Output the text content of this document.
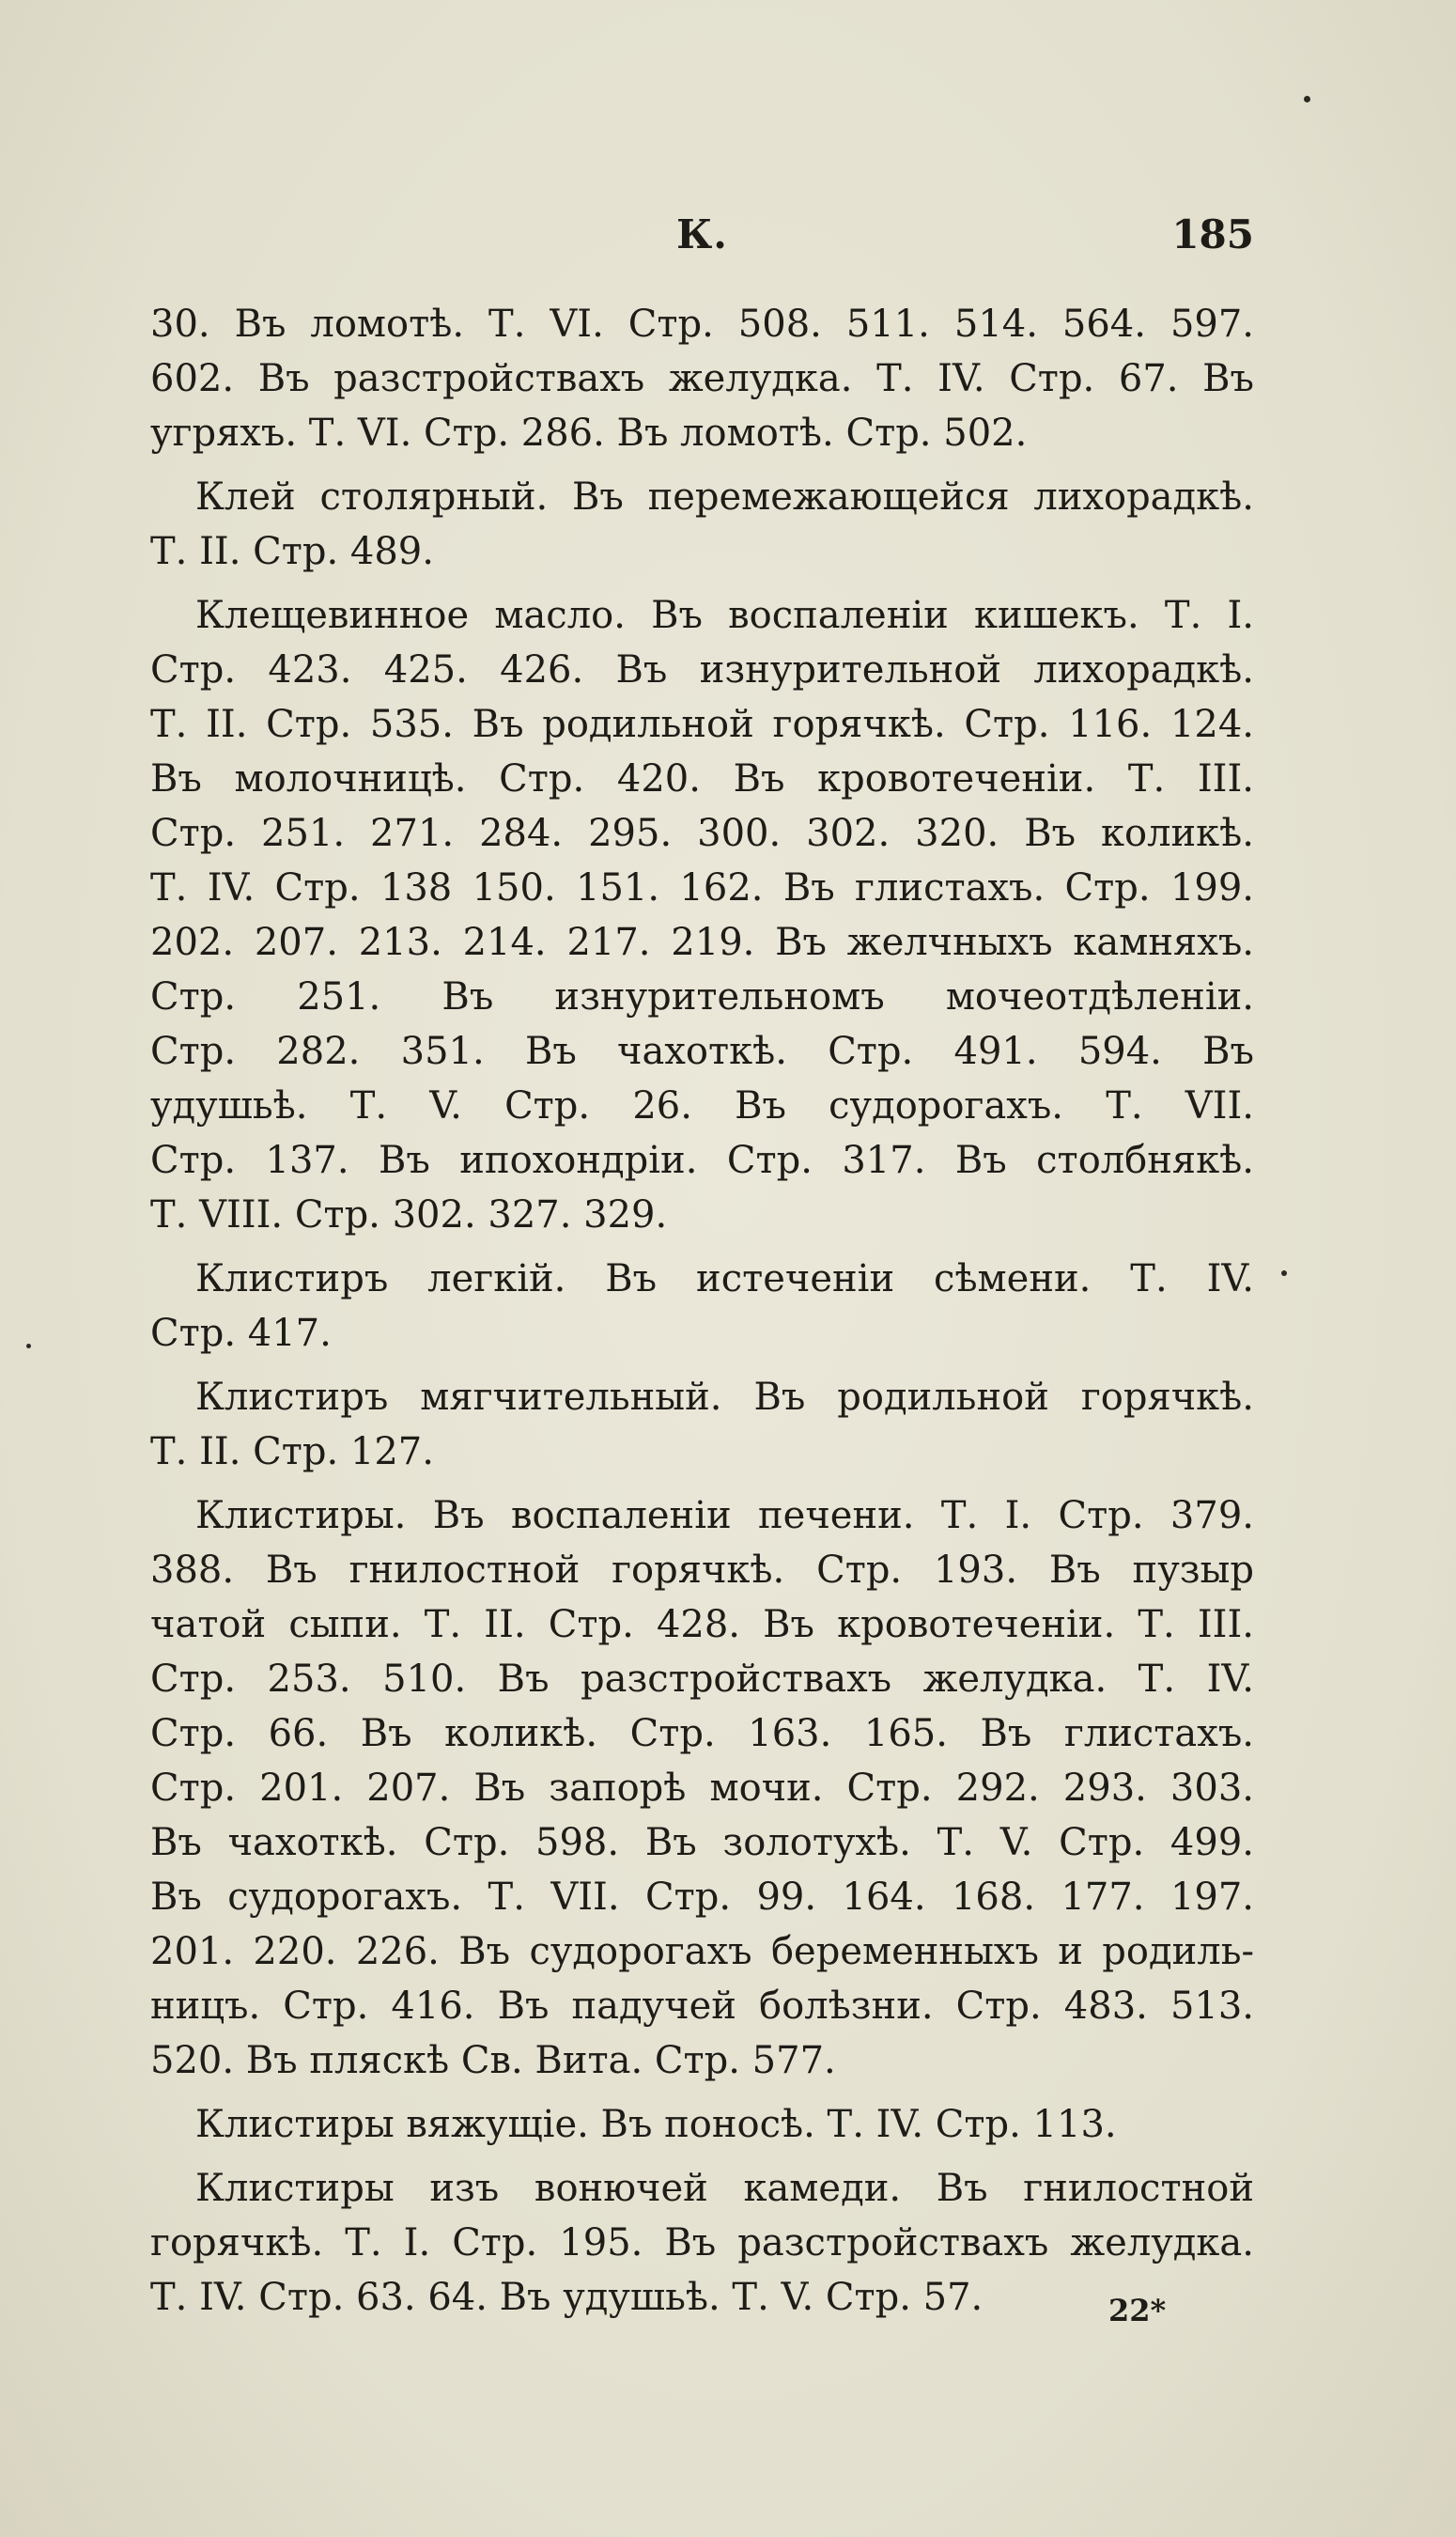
К.	185
30. Въ ломотѣ. Т. VI. Стр. 508. 511. 514. 564. 597.
602. Въ разстройствахъ желудка. Т. IV. Стр. 67. Въ
угряхъ. Т. VI. Стр. 286. Въ ломотѣ. Стр. 502.
Клей столярный. Въ перемежающейся лихорадкѣ.
Т. II. Стр. 489.
Клещевинное масло. Въ воспаленіи кишекъ. Т. I.
Стр. 423. 425. 426. Въ изнурительной лихорадкѣ.
Т. II. Стр. 535. Въ родильной горячкѣ. Стр. 116. 124.
Въ молочницѣ. Стр. 420. Въ кровотеченіи. Т. III.
Стр. 251. 271. 284. 295. 300. 302. 320. Въ коликѣ.
Т. IV. Стр. 138 150. 151. 162. Въ глистахъ. Стр. 199.
202. 207. 213. 214. 217. 219. Въ желчныхъ камняхъ.
Стр. 251. Въ изнурительномъ мочеотдѣленіи.
Стр. 282. 351. Въ чахоткѣ. Стр. 491. 594. Въ
удушьѣ. Т. V. Стр. 26. Въ судорогахъ. Т. VII.
Стр. 137. Въ ипохондріи. Стр. 317. Въ столбнякѣ.
Т. VIII. Стр. 302. 327. 329.
Клистиръ легкій. Въ истеченіи сѣмени. Т. IV.
Стр. 417.
Клистиръ мягчительный. Въ родильной горячкѣ.
Т. II. Стр. 127.
Клистиры. Въ воспаленіи печени. Т. I. Стр. 379.
388. Въ гнилостной горячкѣ. Стр. 193. Въ пузыр
чатой сыпи. Т. II. Стр. 428. Въ кровотеченіи. Т. III.
Стр. 253. 510. Въ разстройствахъ желудка. Т. IV.
Стр. 66. Въ коликѣ. Стр. 163. 165. Въ глистахъ.
Стр. 201. 207. Въ запорѣ мочи. Стр. 292. 293. 303.
Въ чахоткѣ. Стр. 598. Въ золотухѣ. Т. V. Стр. 499.
Въ судорогахъ. Т. VII. Стр. 99. 164. 168. 177. 197.
201. 220. 226. Въ судорогахъ беременныхъ и родиль-
ницъ. Стр. 416. Въ падучей болѣзни. Стр. 483. 513.
520. Въ пляскѣ Св. Вита. Стр. 577.
Клистиры вяжущіе. Въ поносѣ. Т. IV. Стр. 113.
Клистиры изъ вонючей камеди. Въ гнилостной
горячкѣ. Т. I. Стр. 195. Въ разстройствахъ желудка.
Т. IV. Стр. 63. 64. Въ удушьѣ. Т. V. Стр. 57.	22*
